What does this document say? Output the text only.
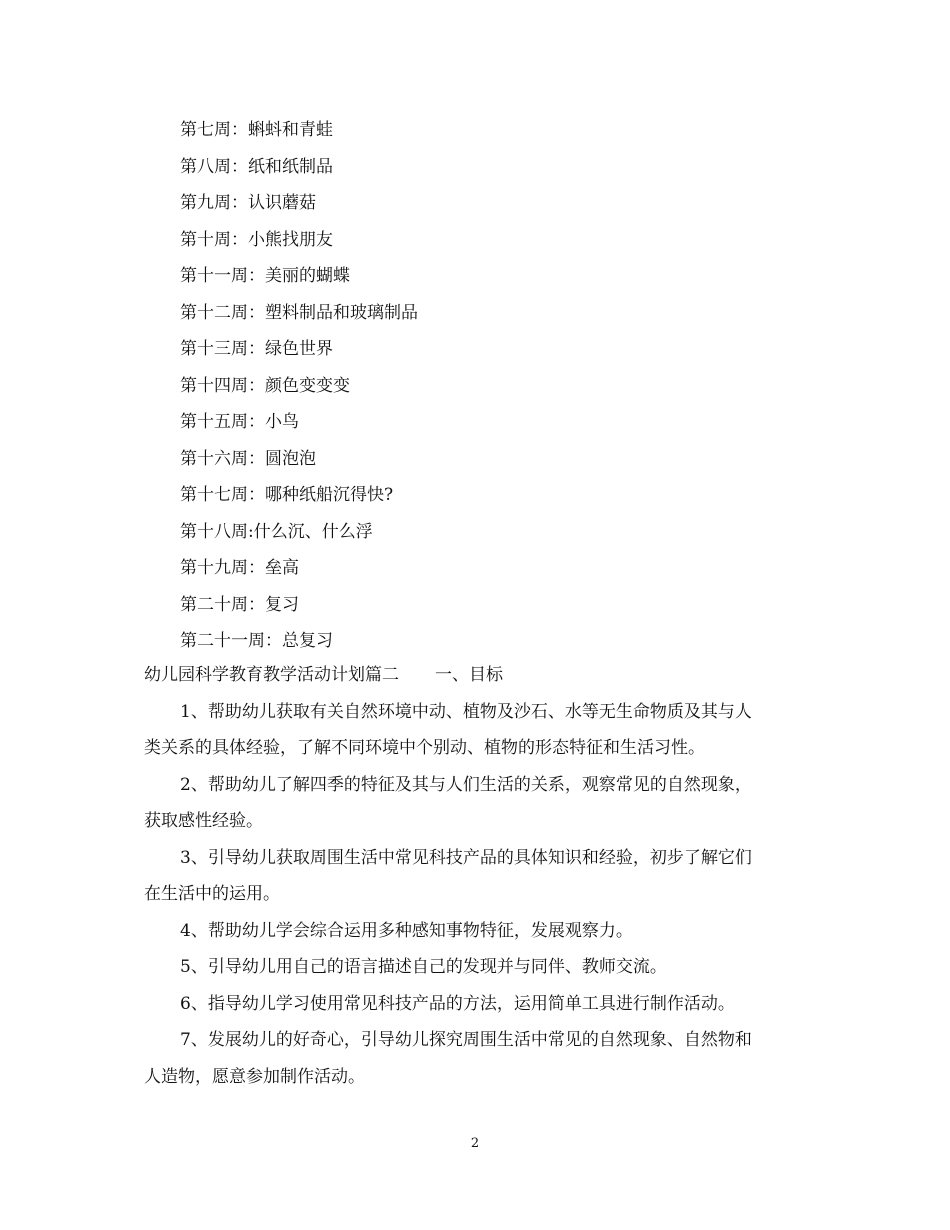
第七周：蝌蚪和青蛙
第八周：纸和纸制品
第九周：认识蘑菇
第十周：小熊找朋友
第十一周：美丽的蝴蝶
第十二周：塑料制品和玻璃制品
第十三周：绿色世界
第十四周：颜色变变变
第十五周：小鸟
第十六周：圆泡泡
第十七周：哪种纸船沉得快?
第十八周:什么沉、什么浮
第十九周：垒高
第二十周：复习
第二十一周：总复习
幼儿园科学教育教学活动计划篇二 一、目标
1、帮助幼儿获取有关自然环境中动、植物及沙石、水等无生命物质及其与人
类关系的具体经验，了解不同环境中个别动、植物的形态特征和生活习性。
2、帮助幼儿了解四季的特征及其与人们生活的关系，观察常见的自然现象，
获取感性经验。
3、引导幼儿获取周围生活中常见科技产品的具体知识和经验，初步了解它们
在生活中的运用。
4、帮助幼儿学会综合运用多种感知事物特征，发展观察力。
5、引导幼儿用自己的语言描述自己的发现并与同伴、教师交流。
6、指导幼儿学习使用常见科技产品的方法，运用简单工具进行制作活动。
7、发展幼儿的好奇心，引导幼儿探究周围生活中常见的自然现象、自然物和
人造物，愿意参加制作活动。
2
